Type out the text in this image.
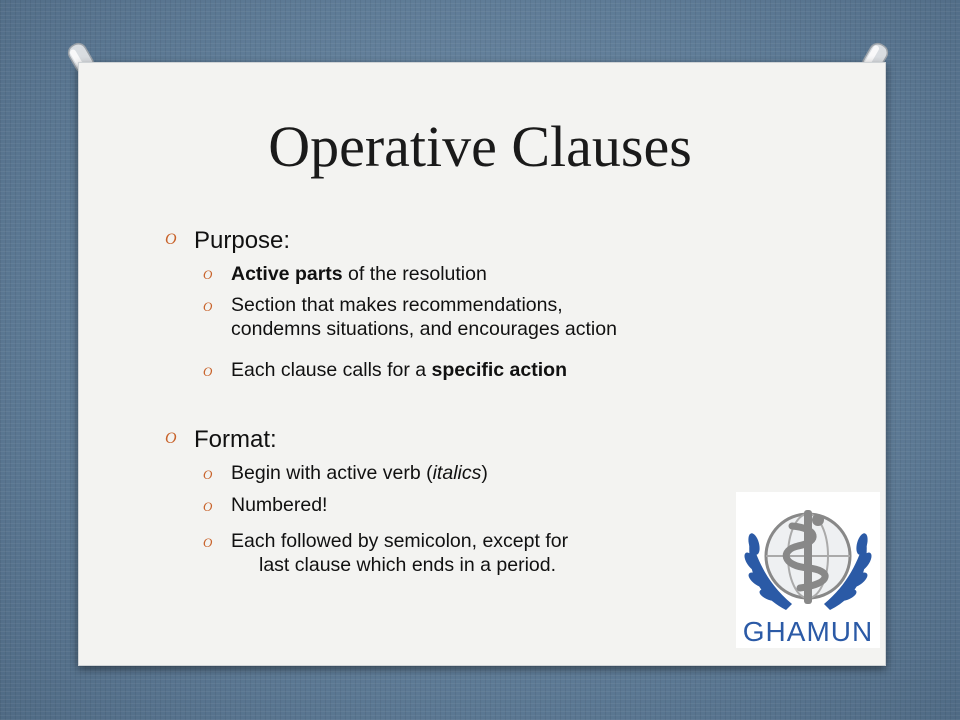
Operative Clauses
O Purpose:
O Active parts of the resolution
O Section that makes recommendations,
condemns situations, and encourages action
O Each clause calls for a specific action
O Format:
O Begin with active verb (italics)
O Numbered!
O Each followed by semicolon, except for
last clause which ends in a period.
GHAMUN
